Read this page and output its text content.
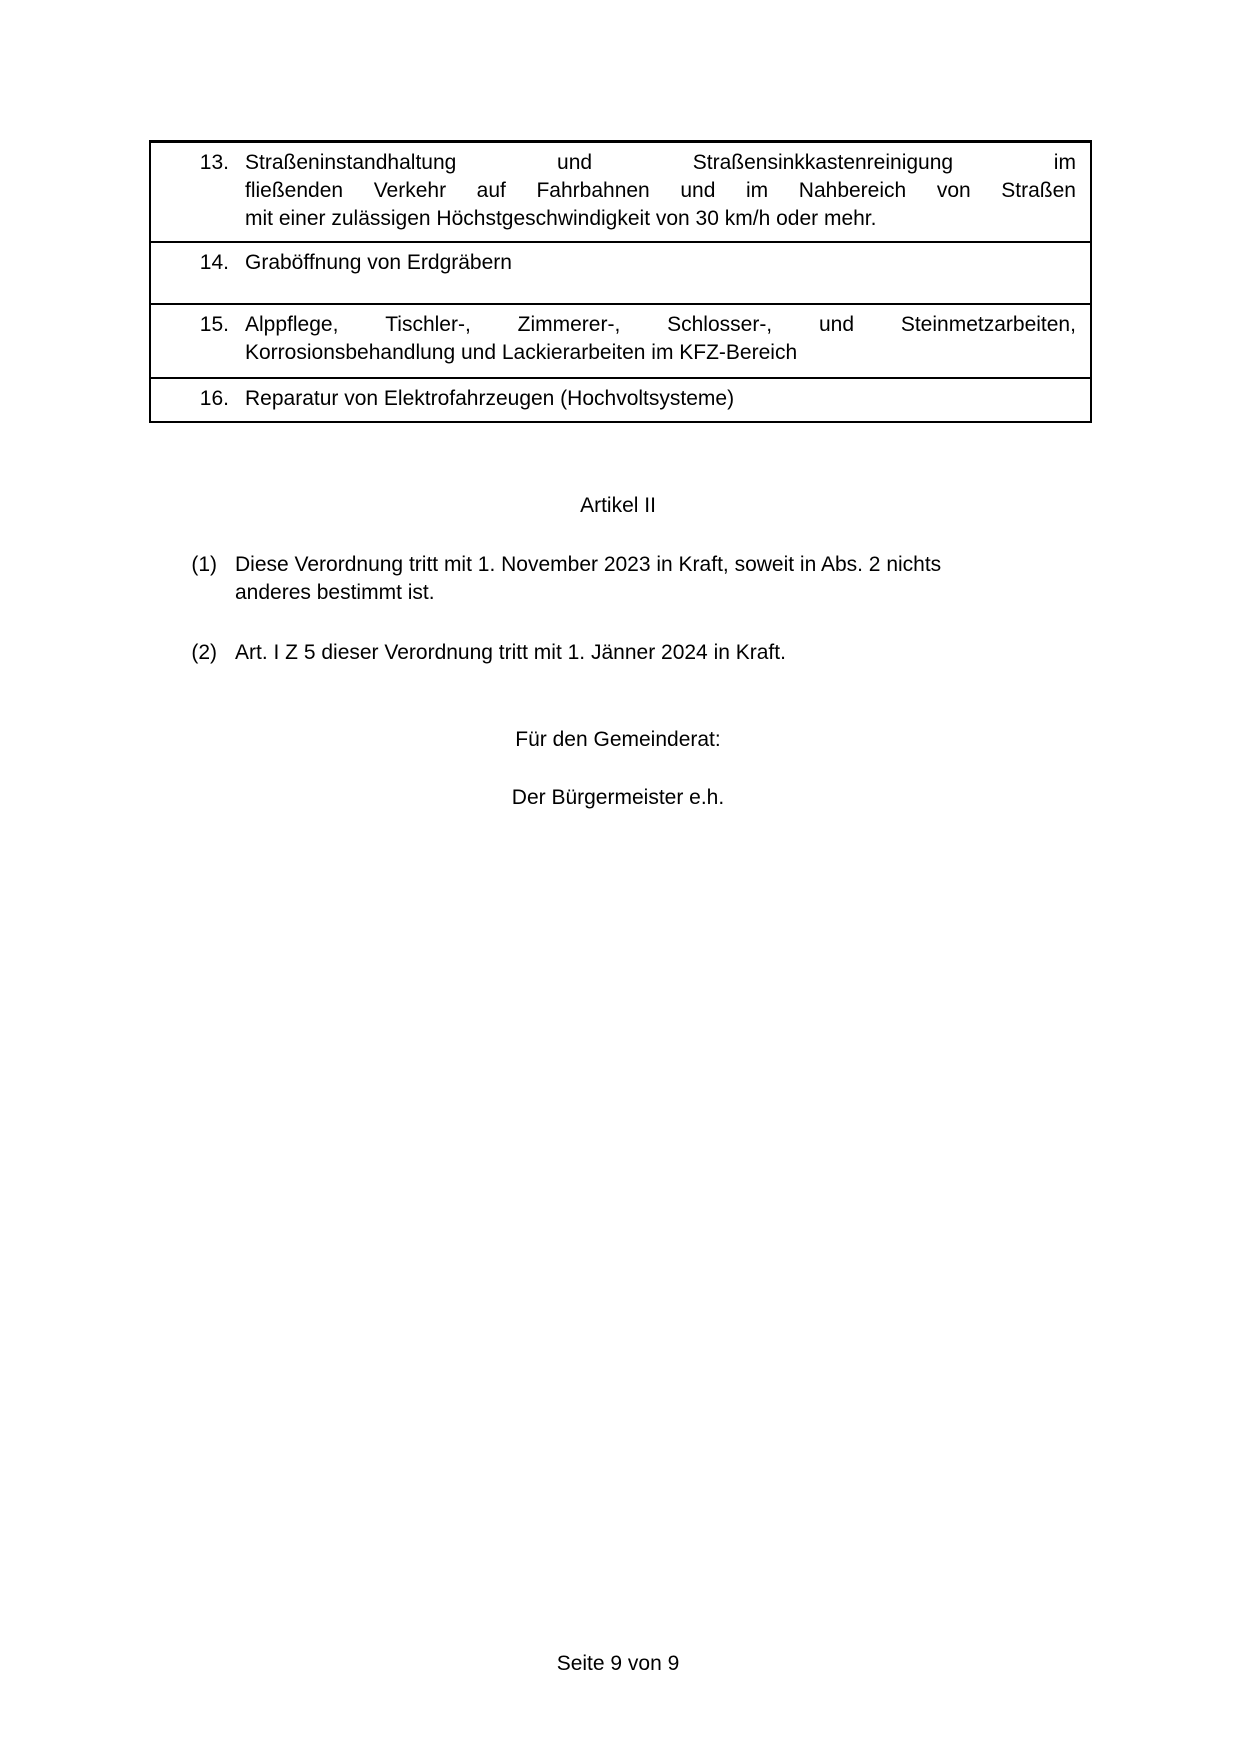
13. Straßeninstandhaltung	und	Straßensinkkastenreinigung	im
fließenden Verkehr auf Fahrbahnen und im Nahbereich von Straßen
mit einer zulässigen Höchstgeschwindigkeit von 30 km/h oder mehr.
14. Graböffnung von Erdgräbern
15. Alppflege, Tischler-, Zimmerer-, Schlosser-, und Steinmetzarbeiten,
Korrosionsbehandlung und Lackierarbeiten im KFZ-Bereich
16. Reparatur von Elektrofahrzeugen (Hochvoltsysteme)
Artikel II
(1) Diese Verordnung tritt mit 1. November 2023 in Kraft, soweit in Abs. 2 nichts
anderes bestimmt ist.
(2) Art. I Z 5 dieser Verordnung tritt mit 1. Jänner 2024 in Kraft.
Für den Gemeinderat:
Der Bürgermeister e.h.
Seite 9 von 9
